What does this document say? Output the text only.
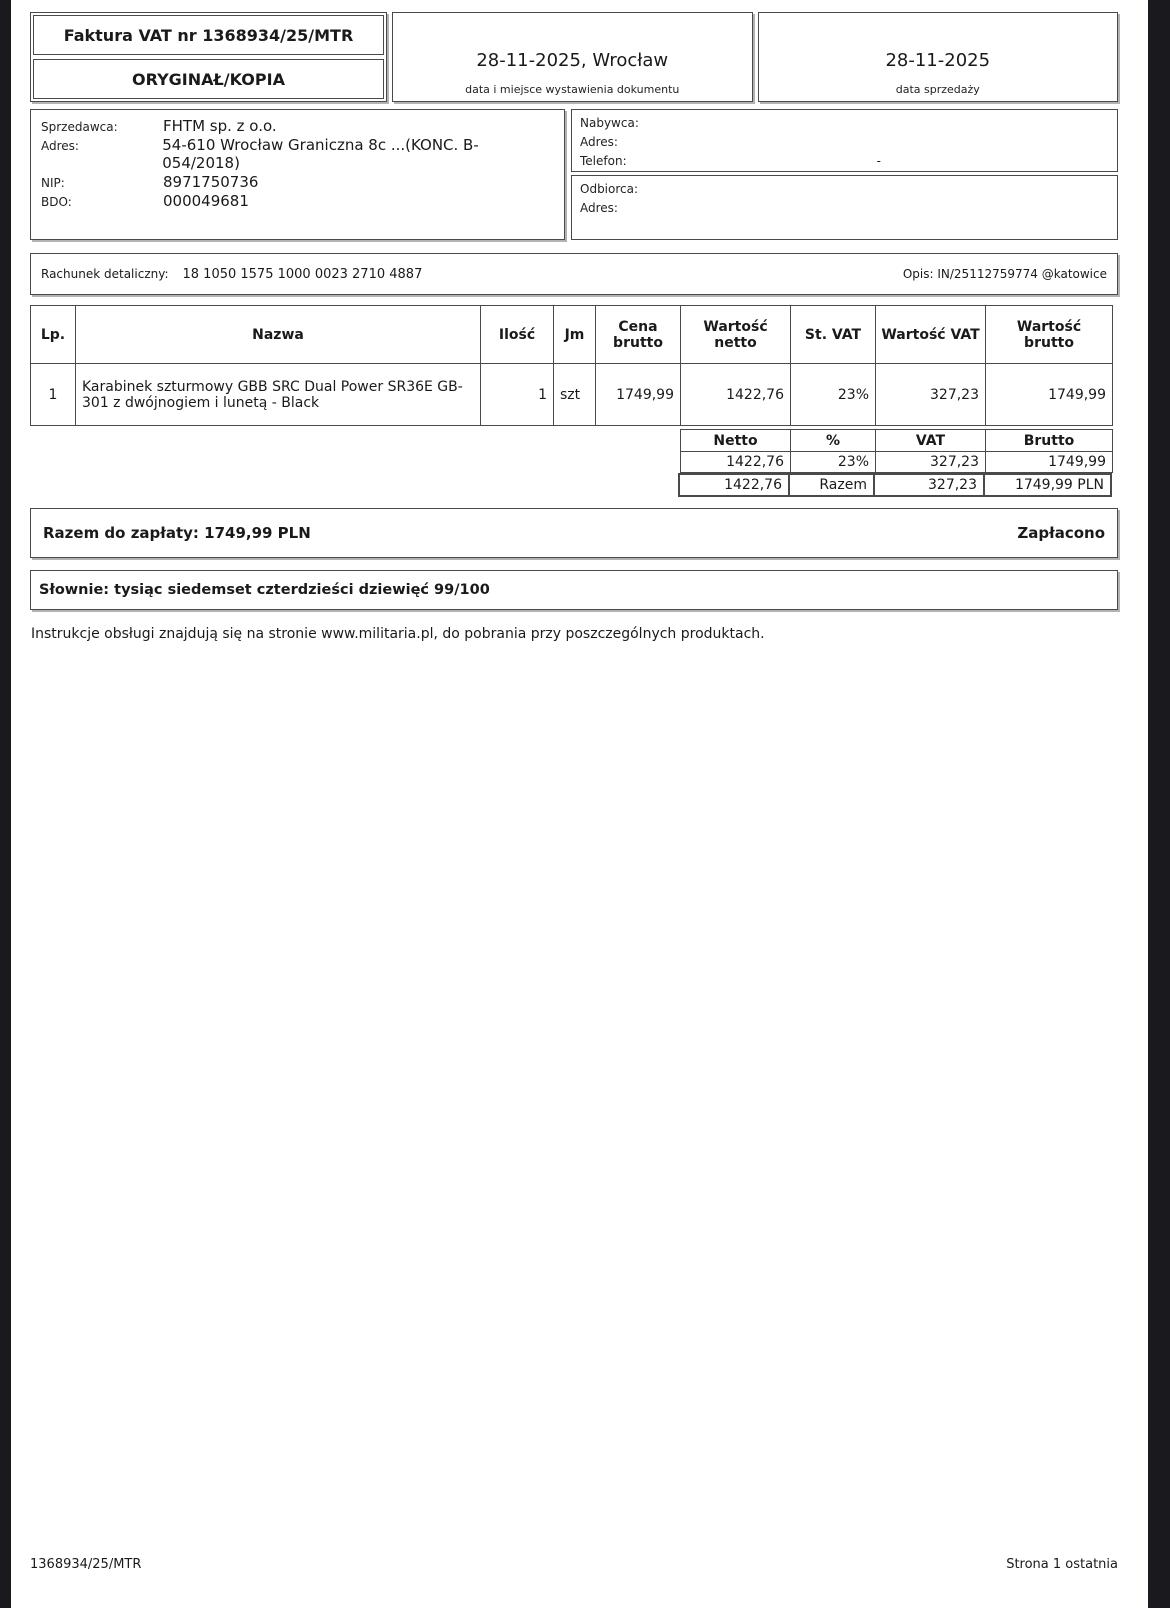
Faktura VAT nr 1368934/25/MTR
ORYGINAŁ/KOPIA
28-11-2025, Wrocław
data i miejsce wystawienia dokumentu
28-11-2025
data sprzedaży
Sprzedawca:	FHTM sp. z o.o.
Adres:	54-610 Wrocław Graniczna 8c ...(KONC. B-054/2018)
NIP:	8971750736
BDO:	000049681
Nabywca:
Adres:
Telefon:	-
Odbiorca:
Adres:
Rachunek detaliczny: 18 1050 1575 1000 0023 2710 4887	Opis: IN/25112759774 @katowice
Lp.	Nazwa	Ilość	Jm	Cena brutto	Wartość netto	St. VAT	Wartość VAT	Wartość brutto
1	Karabinek szturmowy GBB SRC Dual Power SR36E GB-301 z dwójnogiem i lunetą - Black	1	szt	1749,99	1422,76	23%	327,23	1749,99
Netto	%	VAT	Brutto
1422,76	23%	327,23	1749,99
1422,76	Razem	327,23	1749,99 PLN
Razem do zapłaty: 1749,99 PLN	Zapłacono
Słownie: tysiąc siedemset czterdzieści dziewięć 99/100
Instrukcje obsługi znajdują się na stronie www.militaria.pl, do pobrania przy poszczególnych produktach.
1368934/25/MTR	Strona 1 ostatnia
